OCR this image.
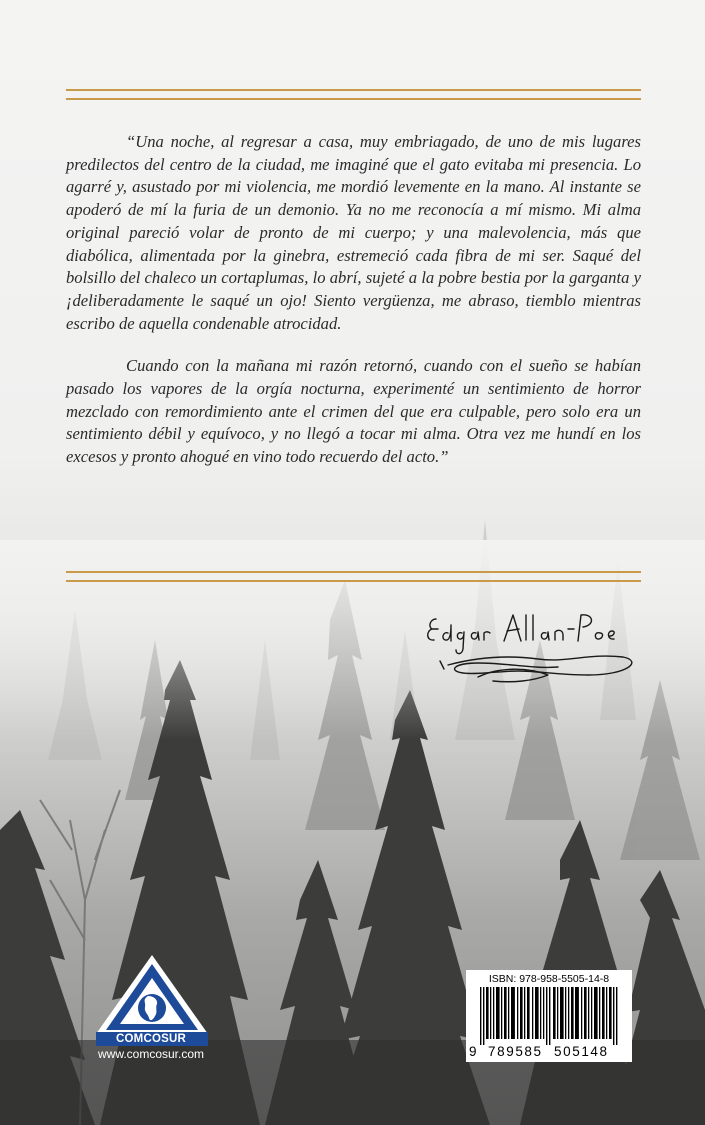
“Una noche, al regresar a casa, muy embriagado, de uno de mis lugares predilectos del centro de la ciudad, me imaginé que el gato evitaba mi presencia. Lo agarré y, asustado por mi violencia, me mordió levemente en la mano. Al instante se apoderó de mí la furia de un demonio. Ya no me reconocía a mí mismo. Mi alma original pareció volar de pronto de mi cuerpo; y una malevolencia, más que diabólica, alimentada por la ginebra, estremeció cada fibra de mi ser. Saqué del bolsillo del chaleco un cortaplumas, lo abrí, sujeté a la pobre bestia por la garganta y ¡deliberadamente le saqué un ojo! Siento vergüenza, me abraso, tiemblo mientras escribo de aquella condenable atrocidad.

Cuando con la mañana mi razón retornó, cuando con el sueño se habían pasado los vapores de la orgía nocturna, experimenté un sentimiento de horror mezclado con remordimiento ante el crimen del que era culpable, pero solo era un sentimiento débil y equívoco, y no llegó a tocar mi alma. Otra vez me hundí en los excesos y pronto ahogué en vino todo recuerdo del acto.”

COMCOSUR
www.comcosur.com
ISBN: 978-958-5505-14-8
9 789585 505148
